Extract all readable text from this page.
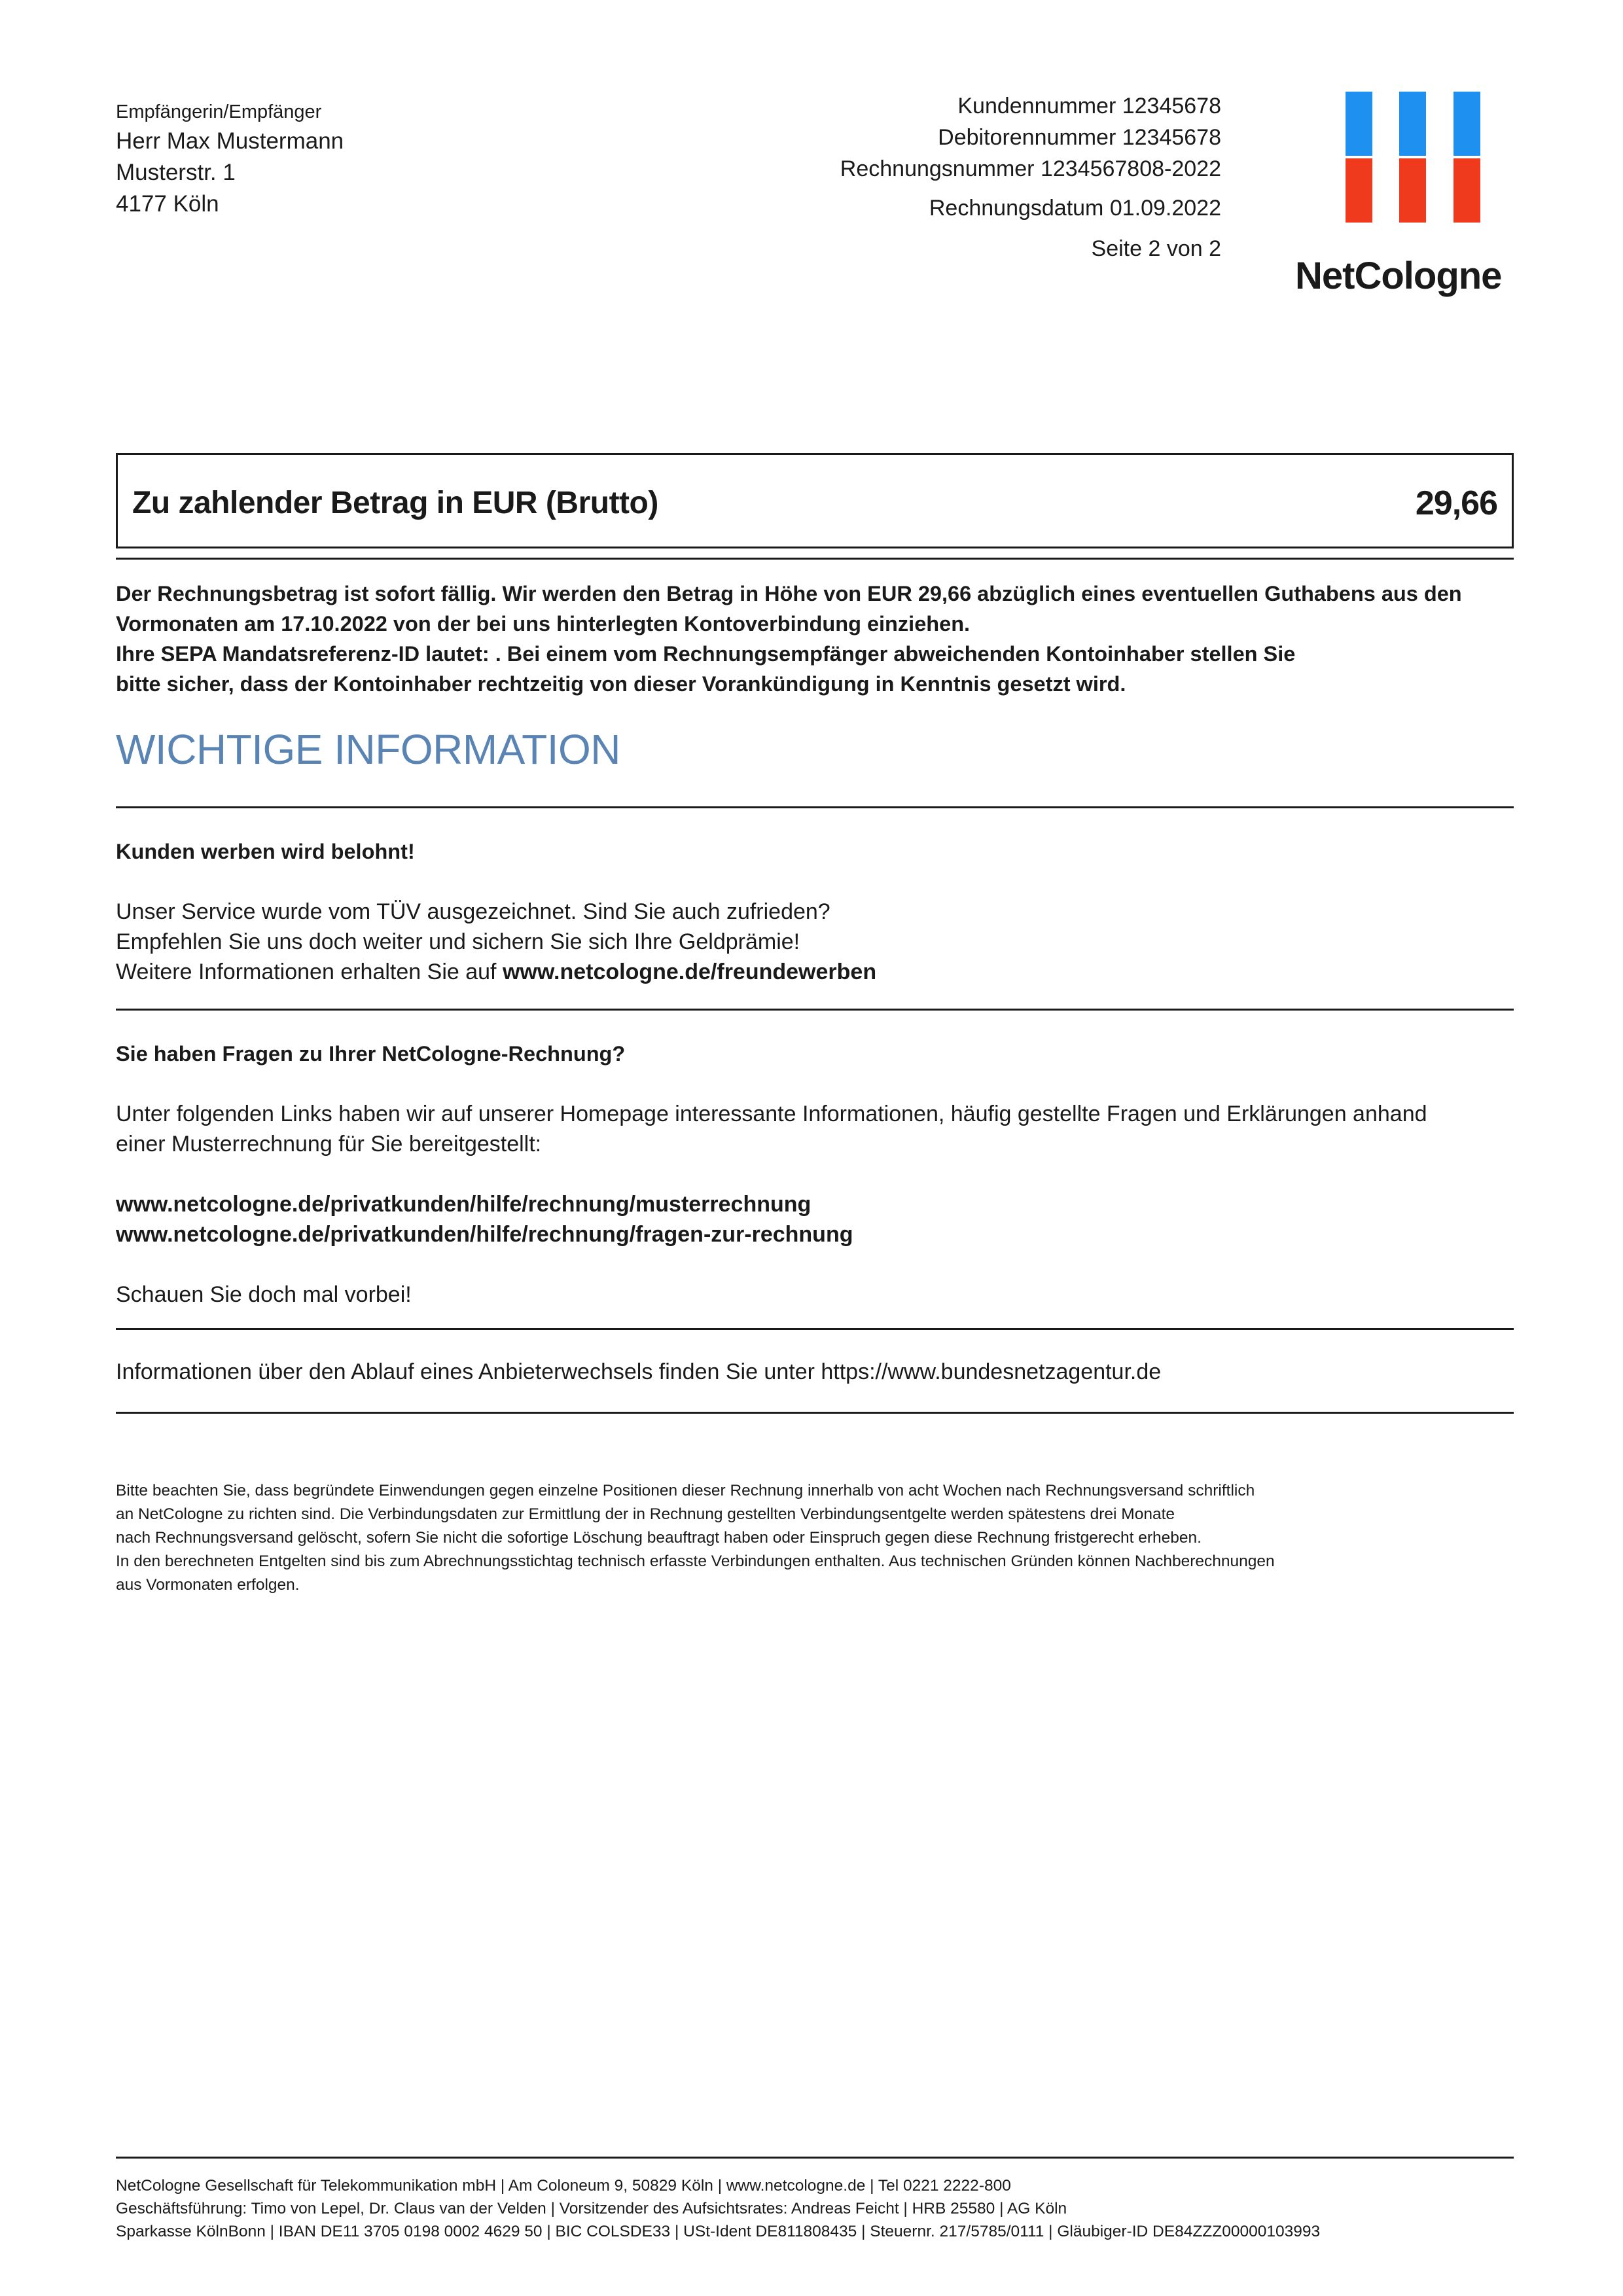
Empfängerin/Empfänger
Herr Max Mustermann
Musterstr. 1
4177 Köln
Kundennummer 12345678
Debitorennummer 12345678
Rechnungsnummer 1234567808-2022
Rechnungsdatum 01.09.2022
Seite 2 von 2
NetCologne
Zu zahlender Betrag in EUR (Brutto)	29,66
Der Rechnungsbetrag ist sofort fällig. Wir werden den Betrag in Höhe von EUR 29,66 abzüglich eines eventuellen Guthabens aus den
Vormonaten am 17.10.2022 von der bei uns hinterlegten Kontoverbindung einziehen.
Ihre SEPA Mandatsreferenz-ID lautet: . Bei einem vom Rechnungsempfänger abweichenden Kontoinhaber stellen Sie
bitte sicher, dass der Kontoinhaber rechtzeitig von dieser Vorankündigung in Kenntnis gesetzt wird.
WICHTIGE INFORMATION
Kunden werben wird belohnt!
Unser Service wurde vom TÜV ausgezeichnet. Sind Sie auch zufrieden?
Empfehlen Sie uns doch weiter und sichern Sie sich Ihre Geldprämie!
Weitere Informationen erhalten Sie auf www.netcologne.de/freundewerben
Sie haben Fragen zu Ihrer NetCologne-Rechnung?
Unter folgenden Links haben wir auf unserer Homepage interessante Informationen, häufig gestellte Fragen und Erklärungen anhand
einer Musterrechnung für Sie bereitgestellt:
www.netcologne.de/privatkunden/hilfe/rechnung/musterrechnung
www.netcologne.de/privatkunden/hilfe/rechnung/fragen-zur-rechnung
Schauen Sie doch mal vorbei!
Informationen über den Ablauf eines Anbieterwechsels finden Sie unter https://www.bundesnetzagentur.de
Bitte beachten Sie, dass begründete Einwendungen gegen einzelne Positionen dieser Rechnung innerhalb von acht Wochen nach Rechnungsversand schriftlich
an NetCologne zu richten sind. Die Verbindungsdaten zur Ermittlung der in Rechnung gestellten Verbindungsentgelte werden spätestens drei Monate
nach Rechnungsversand gelöscht, sofern Sie nicht die sofortige Löschung beauftragt haben oder Einspruch gegen diese Rechnung fristgerecht erheben.
In den berechneten Entgelten sind bis zum Abrechnungsstichtag technisch erfasste Verbindungen enthalten. Aus technischen Gründen können Nachberechnungen
aus Vormonaten erfolgen.
NetCologne Gesellschaft für Telekommunikation mbH | Am Coloneum 9, 50829 Köln | www.netcologne.de | Tel 0221 2222-800
Geschäftsführung: Timo von Lepel, Dr. Claus van der Velden | Vorsitzender des Aufsichtsrates: Andreas Feicht | HRB 25580 | AG Köln
Sparkasse KölnBonn | IBAN DE11 3705 0198 0002 4629 50 | BIC COLSDE33 | USt-Ident DE811808435 | Steuernr. 217/5785/0111 | Gläubiger-ID DE84ZZZ00000103993
